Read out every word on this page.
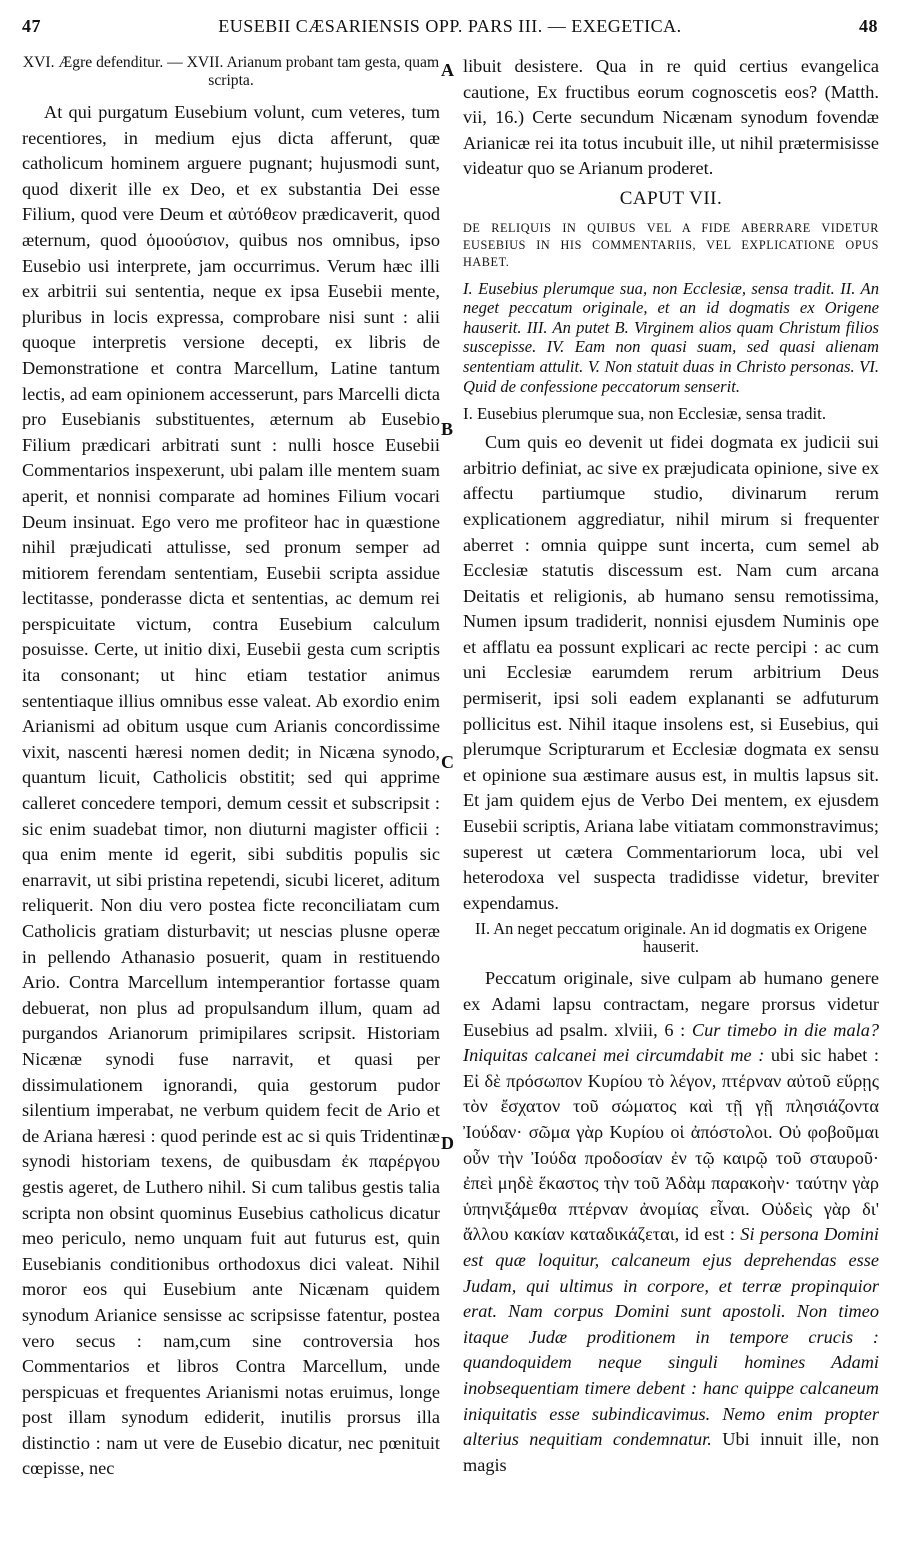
47	EUSEBII CÆSARIENSIS OPP. PARS III. — EXEGETICA.	48
A
B
C
D
XVI. Ægre defenditur. — XVII. Arianum probant tam gesta, quam scripta.

At qui purgatum Eusebium volunt, cum veteres, tum recentiores, in medium ejus dicta afferunt, quæ catholicum hominem arguere pugnant; hujusmodi sunt, quod dixerit ille ex Deo, et ex substantia Dei esse Filium, quod vere Deum et αὐτόθεον prædicaverit, quod æternum, quod ὁμοούσιον, quibus nos omnibus, ipso Eusebio usi interprete, jam occurrimus. Verum hæc illi ex arbitrii sui sententia, neque ex ipsa Eusebii mente, pluribus in locis expressa, comprobare nisi sunt : alii quoque interpretis versione decepti, ex libris de Demonstratione et contra Marcellum, Latine tantum lectis, ad eam opinionem accesserunt, pars Marcelli dicta pro Eusebianis substituentes, æternum ab Eusebio Filium prædicari arbitrati sunt : nulli hosce Eusebii Commentarios inspexerunt, ubi palam ille mentem suam aperit, et nonnisi comparate ad homines Filium vocari Deum insinuat. Ego vero me profiteor hac in quæstione nihil præjudicati attulisse, sed pronum semper ad mitiorem ferendam sententiam, Eusebii scripta assidue lectitasse, ponderasse dicta et sententias, ac demum rei perspicuitate victum, contra Eusebium calculum posuisse. Certe, ut initio dixi, Eusebii gesta cum scriptis ita consonant; ut hinc etiam testatior animus sententiaque illius omnibus esse valeat. Ab exordio enim Arianismi ad obitum usque cum Arianis concordissime vixit, nascenti hæresi nomen dedit; in Nicæna synodo, quantum licuit, Catholicis obstitit; sed qui apprime calleret concedere tempori, demum cessit et subscripsit : sic enim suadebat timor, non diuturni magister officii : qua enim mente id egerit, sibi subditis populis sic enarravit, ut sibi pristina repetendi, sicubi liceret, aditum reliquerit. Non diu vero postea ficte reconciliatam cum Catholicis gratiam disturbavit; ut nescias plusne operæ in pellendo Athanasio posuerit, quam in restituendo Ario. Contra Marcellum intemperantior fortasse quam debuerat, non plus ad propulsandum illum, quam ad purgandos Arianorum primipilares scripsit. Historiam Nicænæ synodi fuse narravit, et quasi per dissimulationem ignorandi, quia gestorum pudor silentium imperabat, ne verbum quidem fecit de Ario et de Ariana hæresi : quod perinde est ac si quis Tridentinæ synodi historiam texens, de quibusdam ἐκ παρέργου gestis ageret, de Luthero nihil. Si cum talibus gestis talia scripta non obsint quominus Eusebius catholicus dicatur meo periculo, nemo unquam fuit aut futurus est, quin Eusebianis conditionibus orthodoxus dici valeat. Nihil moror eos qui Eusebium ante Nicænam quidem synodum Arianice sensisse ac scripsisse fatentur, postea vero secus : nam,cum sine controversia hos Commentarios et libros Contra Marcellum, unde perspicuas et frequentes Arianismi notas eruimus, longe post illam synodum ediderit, inutilis prorsus illa distinctio : nam ut vere de Eusebio dicatur, nec pœnituit cœpisse, nec

libuit desistere. Qua in re quid certius evangelica cautione, Ex fructibus eorum cognoscetis eos? (Matth. vii, 16.) Certe secundum Nicænam synodum fovendæ Arianicæ rei ita totus incubuit ille, ut nihil prætermisisse videatur quo se Arianum proderet.

CAPUT VII.
DE RELIQUIS IN QUIBUS VEL A FIDE ABERRARE VIDETUR EUSEBIUS IN HIS COMMENTARIIS, VEL EXPLICATIONE OPUS HABET.
I. Eusebius plerumque sua, non Ecclesiæ, sensa tradit. II. An neget peccatum originale, et an id dogmatis ex Origene hauserit. III. An putet B. Virginem alios quam Christum filios suscepisse. IV. Eam non quasi suam, sed quasi alienam sententiam attulit. V. Non statuit duas in Christo personas. VI. Quid de confessione peccatorum senserit.
I. Eusebius plerumque sua, non Ecclesiæ, sensa tradit.

Cum quis eo devenit ut fidei dogmata ex judicii sui arbitrio definiat, ac sive ex præjudicata opinione, sive ex affectu partiumque studio, divinarum rerum explicationem aggrediatur, nihil mirum si frequenter aberret : omnia quippe sunt incerta, cum semel ab Ecclesiæ statutis discessum est. Nam cum arcana Deitatis et religionis, ab humano sensu remotissima, Numen ipsum tradiderit, nonnisi ejusdem Numinis ope et afflatu ea possunt explicari ac recte percipi : ac cum uni Ecclesiæ earumdem rerum arbitrium Deus permiserit, ipsi soli eadem explananti se adfuturum pollicitus est. Nihil itaque insolens est, si Eusebius, qui plerumque Scripturarum et Ecclesiæ dogmata ex sensu et opinione sua æstimare ausus est, in multis lapsus sit. Et jam quidem ejus de Verbo Dei mentem, ex ejusdem Eusebii scriptis, Ariana labe vitiatam commonstravimus; superest ut cætera Commentariorum loca, ubi vel heterodoxa vel suspecta tradidisse videtur, breviter expendamus.

II. An neget peccatum originale. An id dogmatis ex Origene hauserit.

Peccatum originale, sive culpam ab humano genere ex Adami lapsu contractam, negare prorsus videtur Eusebius ad psalm. xlviii, 6 : Cur timebo in die mala? Iniquitas calcanei mei circumdabit me : ubi sic habet : Εἰ δὲ πρόσωπον Κυρίου τὸ λέγον, πτέρναν αὐτοῦ εὕρῃς τὸν ἔσχατον τοῦ σώματος καὶ τῇ γῇ πλησιάζοντα Ἰούδαν· σῶμα γὰρ Κυρίου οἱ ἀπόστολοι. Οὐ φοβοῦμαι οὖν τὴν Ἰούδα προδοσίαν ἐν τῷ καιρῷ τοῦ σταυροῦ· ἐπεὶ μηδὲ ἕκαστος τὴν τοῦ Ἀδὰμ παρακοὴν· ταύτην γὰρ ὑπηνιξάμεθα πτέρναν ἀνομίας εἶναι. Οὐδεὶς γὰρ δι' ἄλλου κακίαν καταδικάζεται, id est : Si persona Domini est quæ loquitur, calcaneum ejus deprehendas esse Judam, qui ultimus in corpore, et terræ propinquior erat. Nam corpus Domini sunt apostoli. Non timeo itaque Judæ proditionem in tempore crucis : quandoquidem neque singuli homines Adami inobsequentiam timere debent : hanc quippe calcaneum iniquitatis esse subindicavimus. Nemo enim propter alterius nequitiam condemnatur. Ubi innuit ille, non magis
